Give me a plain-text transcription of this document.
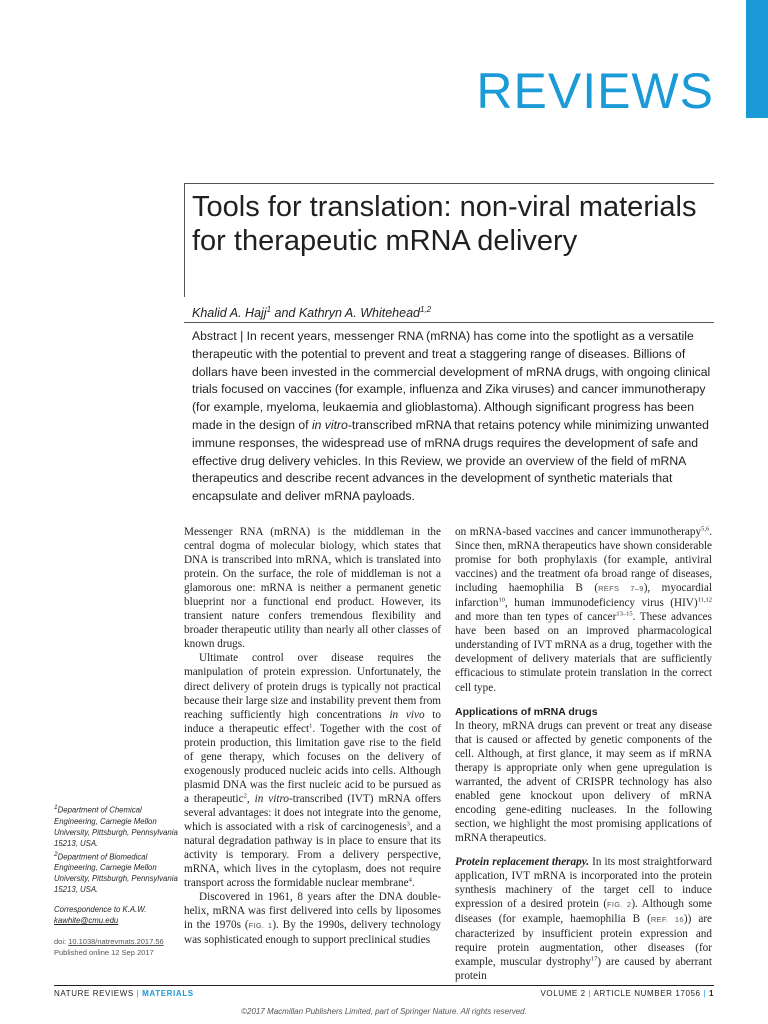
REVIEWS
Tools for translation: non-viral materials for therapeutic mRNA delivery
Khalid A. Hajj$^1$ and Kathryn A. Whitehead$^{1,2}$

Abstract | In recent years, messenger RNA (mRNA) has come into the spotlight as a versatile therapeutic with the potential to prevent and treat a staggering range of diseases. Billions of dollars have been invested in the commercial development of mRNA drugs, with ongoing clinical trials focused on vaccines (for example, influenza and Zika viruses) and cancer immunotherapy (for example, myeloma, leukaemia and glioblastoma). Although significant progress has been made in the design of in vitro-transcribed mRNA that retains potency while minimizing unwanted immune responses, the widespread use of mRNA drugs requires the development of safe and effective drug delivery vehicles. In this Review, we provide an overview of the field of mRNA therapeutics and describe recent advances in the development of synthetic materials that encapsulate and deliver mRNA payloads.

Messenger RNA (mRNA) is the middleman in the central dogma of molecular biology, which states that DNA is transcribed into mRNA, which is translated into protein. On the surface, the role of middleman is not a glamorous one: mRNA is neither a permanent genetic blueprint nor a functional end product. However, its transient nature confers tremendous flexibility and broader therapeutic utility than nearly all other classes of known drugs.

Ultimate control over disease requires the manipulation of protein expression. Unfortunately, the direct delivery of protein drugs is typically not practical because their large size and instability prevent them from reaching sufficiently high concentrations in vivo to induce a therapeutic effect$^1$. Together with the cost of protein production, this limitation gave rise to the field of gene therapy, which focuses on the delivery of exogenously produced nucleic acids into cells. Although plasmid DNA was the first nucleic acid to be pursued as a therapeutic$^2$, in vitro-transcribed (IVT) mRNA offers several advantages: it does not integrate into the genome, which is associated with a risk of carcinogenesis$^3$, and a natural degradation pathway is in place to ensure that its activity is temporary. From a delivery perspective, mRNA, which lives in the cytoplasm, does not require transport across the formidable nuclear membrane$^4$.

Discovered in 1961, 8 years after the DNA double-helix, mRNA was first delivered into cells by liposomes in the 1970s (FIG. 1). By the 1990s, delivery technology was sophisticated enough to support preclinical studies

on mRNA-based vaccines and cancer immunotherapy$^{5,6}$. Since then, mRNA therapeutics have shown considerable promise for both prophylaxis (for example, antiviral vaccines) and the treatment ofa broad range of diseases, including haemophilia B (REFS 7–9), myocardial infarction$^{10}$, human immunodeficiency virus (HIV)$^{11,12}$ and more than ten types of cancer$^{13-15}$. These advances have been based on an improved pharmacological understanding of IVT mRNA as a drug, together with the development of delivery materials that are sufficiently efficacious to stimulate protein translation in the correct cell type.

Applications of mRNA drugs

In theory, mRNA drugs can prevent or treat any disease that is caused or affected by genetic components of the cell. Although, at first glance, it may seem as if mRNA therapy is appropriate only when gene upregulation is warranted, the advent of CRISPR technology has also enabled gene knockout upon delivery of mRNA encoding gene-editing nucleases. In the following section, we highlight the most promising applications of mRNA therapeutics.

Protein replacement therapy. In its most straightforward application, IVT mRNA is incorporated into the protein synthesis machinery of the target cell to induce expression of a desired protein (FIG. 2). Although some diseases (for example, haemophilia B (REF. 16)) are characterized by insufficient protein expression and require protein augmentation, other diseases (for example, muscular dystrophy$^{17}$) are caused by aberrant protein

$^1$Department of Chemical Engineering, Carnegie Mellon University, Pittsburgh, Pennsylvania 15213, USA.

$^2$Department of Biomedical Engineering, Carnegie Mellon University, Pittsburgh, Pennsylvania 15213, USA.

Correspondence to K.A.W.

kawhite@cmu.edu

doi: 10.1038/natrevmats.2017.56

Published online 12 Sep 2017

NATURE REVIEWS | MATERIALS	VOLUME 2 | ARTICLE NUMBER 17056 | 1
©2017 Macmillan Publishers Limited, part of Springer Nature. All rights reserved.
